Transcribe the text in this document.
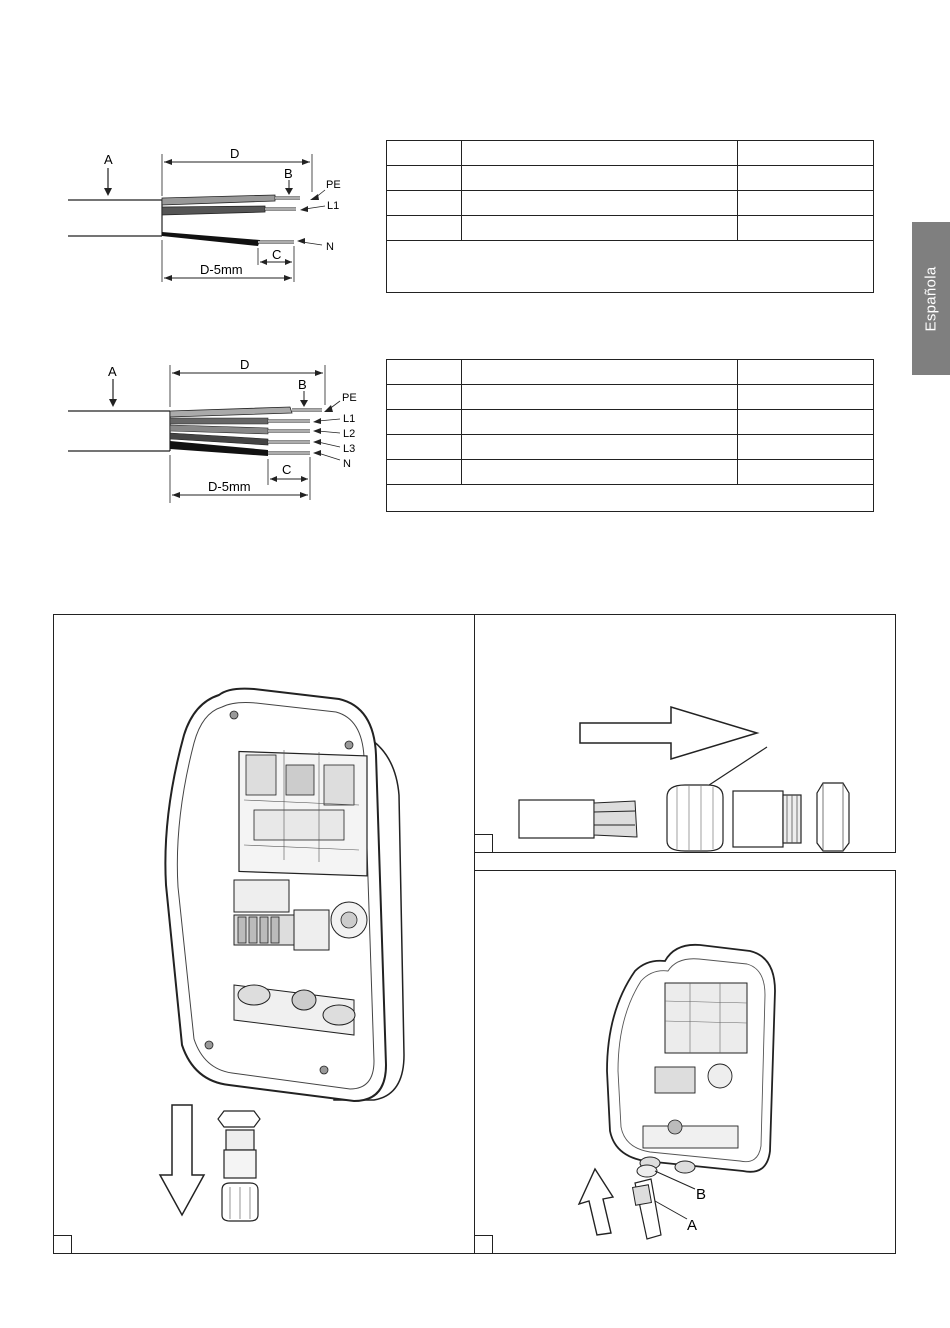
Española
A	D
B
PE
L1
N
C
D-5mm

A	D
B
PE
L1
L2
L3
N
C
D-5mm

B
A
